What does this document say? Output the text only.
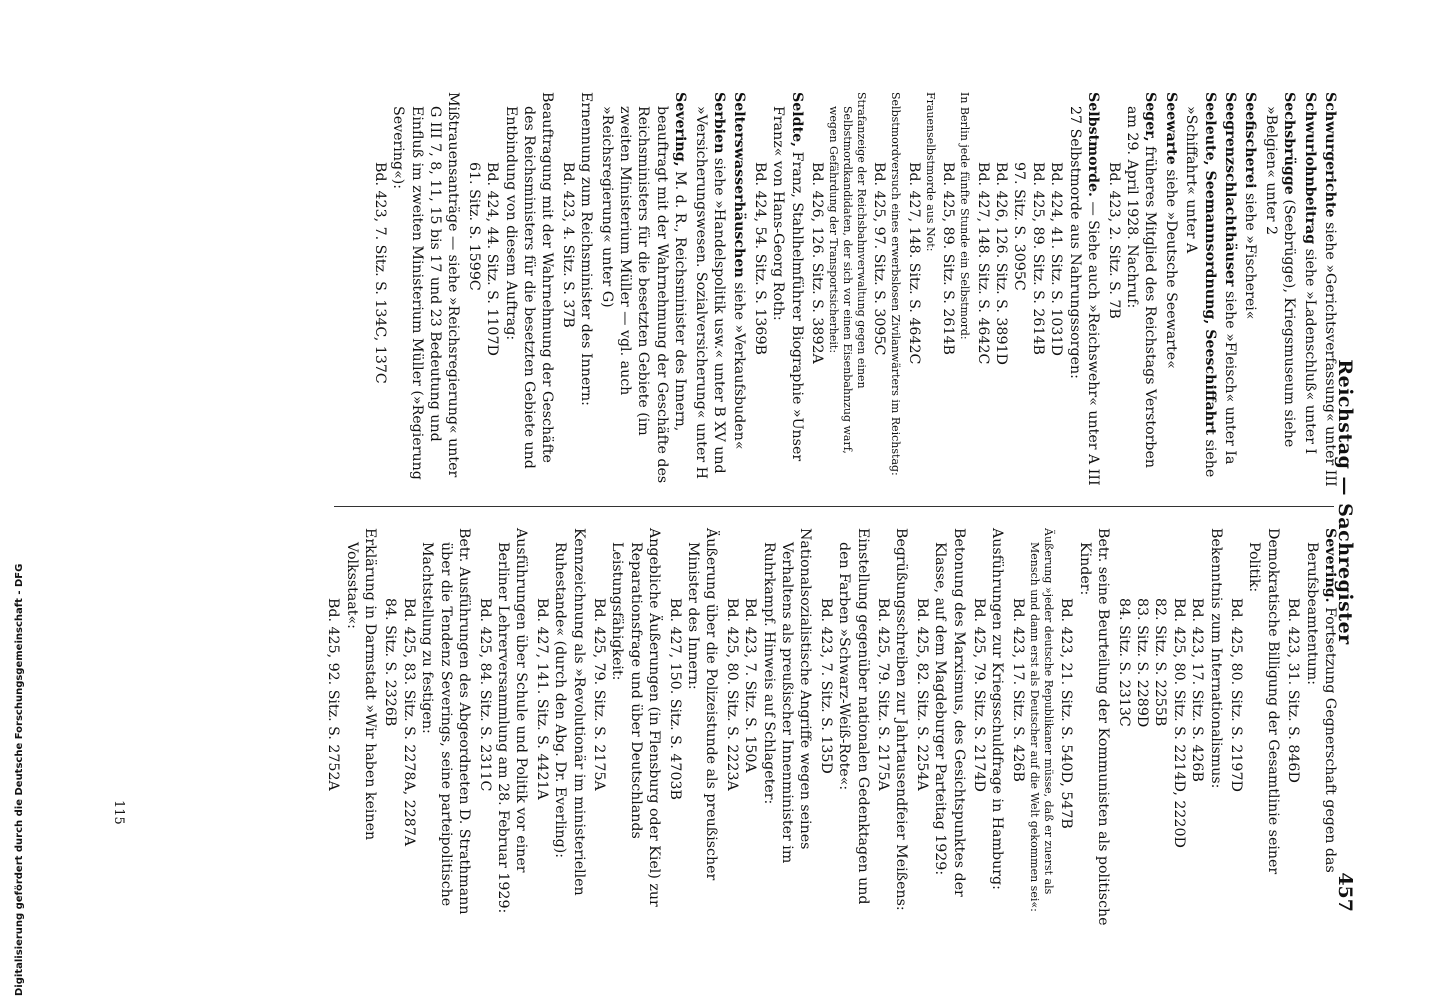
Reichstag — Sachregister
457
Schwurgerichte siehe »Gerichtsverfassung« unter III
Schwurlohnbeitrag siehe »Ladenschluß« unter I
Sechsbrügge (Seebrügge), Kriegsmuseum siehe »Belgien« unter 2
Seefischerei siehe »Fischerei«
Seegrenzschlachthäuser siehe »Fleisch« unter Ia
Seeleute, Seemannsordnung, Seeschiffahrt siehe »Schiffahrt« unter A
Seewarte siehe »Deutsche Seewarte«
Seger, früheres Mitglied des Reichstags Verstorben am 29. April 1928. Nachruf:
Bd. 423, 2. Sitz. S. 7B
Selbstmorde. — Siehe auch »Reichswehr« unter A III 27 Selbstmorde aus Nahrungssorgen:
Bd. 424, 41. Sitz. S. 1031D
Bd. 425, 89. Sitz. S. 2614B
97. Sitz. S. 3095C
Bd. 426, 126. Sitz. S. 3891D
Bd. 427, 148. Sitz. S. 4642C
In Berlin jede fünfte Stunde ein Selbstmord:
Bd. 425, 89. Sitz. S. 2614B
Frauenselbstmorde aus Not:
Bd. 427, 148. Sitz. S. 4642C
Selbstmordversuch eines erwerbslosen Zivilanwärters im Reichstag:
Bd. 425, 97. Sitz. S. 3095C
Strafanzeige der Reichsbahnverwaltung gegen einen Selbstmordkandidaten, der sich vor einen Eisenbahnzug warf, wegen Gefährdung der Transportsicherheit:
Bd. 426, 126. Sitz. S. 3892A
Seldte, Franz, Stahlhelmführer Biographie »Unser Franz« von Hans-Georg Roth:
Bd. 424, 54. Sitz. S. 1369B
Selterswasserhäuschen siehe »Verkaufsbuden«
Serbien siehe »Handelspolitik usw.« unter B XV und »Versicherungswesen. Sozialversicherung« unter H
Severing, M. d. R., Reichsminister des Innern, beauftragt mit der Wahrnehmung der Geschäfte des Reichsministers für die besetzten Gebiete (im zweiten Ministerium Müller — vgl. auch »Reichsregierung« unter G)
Ernennung zum Reichsminister des Innern:
Bd. 423, 4. Sitz. S. 37B
Beauftragung mit der Wahrnehmung der Geschäfte des Reichsministers für die besetzten Gebiete und Entbindung von diesem Auftrag:
Bd. 424, 44. Sitz. S. 1107D
61. Sitz. S. 1599C
Mißtrauensanträge — siehe »Reichsregierung« unter G III 7, 8, 11, 15 bis 17 und 23 Bedeutung und Einfluß im zweiten Ministerium Müller (»Regierung Severing«):
Bd. 423, 7. Sitz. S. 134C, 137C
Severing. Fortsetzung Gegnerschaft gegen das Berufsbeamtentum:
Bd. 423, 31. Sitz. S. 846D
Demokratische Billigung der Gesamtlinie seiner Politik:
Bd. 425, 80. Sitz. S. 2197D
Bekenntnis zum Internationalismus:
Bd. 423, 17. Sitz. S. 426B
Bd. 425, 80. Sitz. S. 2214D, 2220D
82. Sitz. S. 2255B
83. Sitz. S. 2289D
84. Sitz. S. 2313C
Betr. seine Beurteilung der Kommunisten als politische Kinder:
Bd. 423, 21. Sitz. S. 540D, 547B
Äußerung »jeder deutsche Republikaner müsse, daß er zuerst als Mensch und dann erst als Deutscher auf die Welt gekommen sei«:
Bd. 423, 17. Sitz. S. 426B
Ausführungen zur Kriegsschuldfrage in Hamburg:
Bd. 425, 79. Sitz. S. 2174D
Betonung des Marxismus, des Gesichtspunktes der Klasse, auf dem Magdeburger Parteitag 1929:
Bd. 425, 82. Sitz. S. 2254A
Begrüßungsschreiben zur Jahrtausendfeier Meißens:
Bd. 425, 79. Sitz. S. 2175A
Einstellung gegenüber nationalen Gedenktagen und den Farben »Schwarz-Weiß-Rote«:
Bd. 423, 7. Sitz. S. 135D
Nationalsozialistische Angriffe wegen seines Verhaltens als preußischer Innenminister im Ruhrkampf. Hinweis auf Schlageter:
Bd. 423, 7. Sitz. S. 150A
Bd. 425, 80. Sitz. S. 2223A
Äußerung über die Polizeistunde als preußischer Minister des Innern:
Bd. 427, 150. Sitz. S. 4703B
Angebliche Äußerungen (in Flensburg oder Kiel) zur Reparationsfrage und über Deutschlands Leistungsfähigkeit:
Bd. 425, 79. Sitz. S. 2175A
Kennzeichnung als »Revolutionär im ministeriellen Ruhestande« (durch den Abg. Dr. Everling):
Bd. 427, 141. Sitz. S. 4421A
Ausführungen über Schule und Politik vor einer Berliner Lehrerversammlung am 28. Februar 1929:
Bd. 425, 84. Sitz. S. 2311C
Betr. Ausführungen des Abgeordneten D. Strathmann über die Tendenz Severings, seine parteipolitische Machtstellung zu festigen:
Bd. 425, 83. Sitz. S. 2278A, 2287A
84. Sitz. S. 2326B
Erklärung in Darmstadt »Wir haben keinen Volksstaat«:
Bd. 425, 92. Sitz. S. 2752A
115
Digitalisierung gefördert durch die Deutsche Forschungsgemeinschaft - DFG
